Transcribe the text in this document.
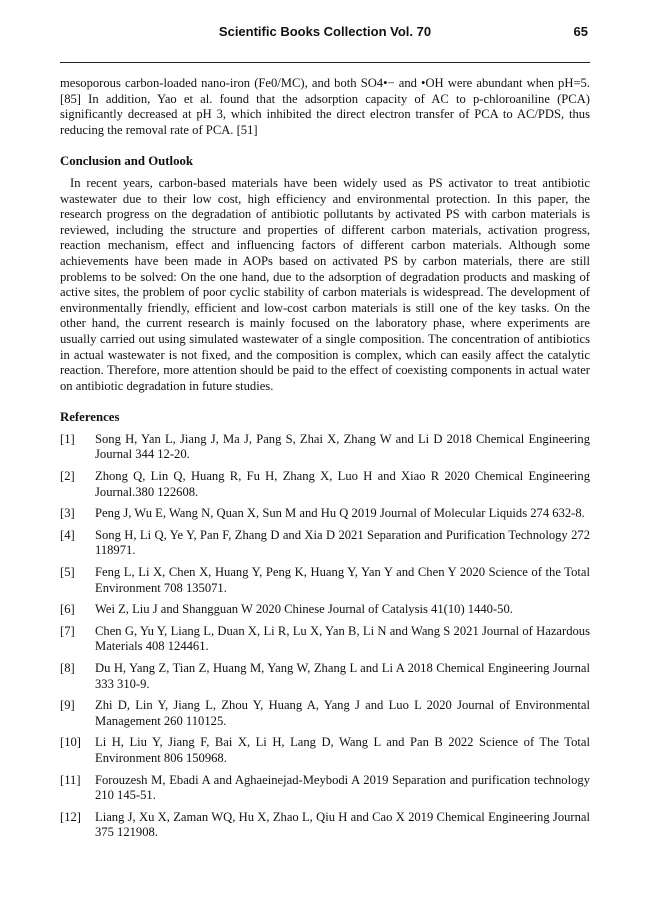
Scientific Books Collection Vol. 70	65

mesoporous carbon-loaded nano-iron (Fe0/MC), and both SO4•− and •OH were abundant when pH=5. [85] In addition, Yao et al. found that the adsorption capacity of AC to p-chloroaniline (PCA) significantly decreased at pH 3, which inhibited the direct electron transfer of PCA to AC/PDS, thus reducing the removal rate of PCA. [51]

Conclusion and Outlook

In recent years, carbon-based materials have been widely used as PS activator to treat antibiotic wastewater due to their low cost, high efficiency and environmental protection. In this paper, the research progress on the degradation of antibiotic pollutants by activated PS with carbon materials is reviewed, including the structure and properties of different carbon materials, activation progress, reaction mechanism, effect and influencing factors of different carbon materials. Although some achievements have been made in AOPs based on activated PS by carbon materials, there are still problems to be solved: On the one hand, due to the adsorption of degradation products and masking of active sites, the problem of poor cyclic stability of carbon materials is widespread. The development of environmentally friendly, efficient and low-cost carbon materials is still one of the key tasks. On the other hand, the current research is mainly focused on the laboratory phase, where experiments are usually carried out using simulated wastewater of a single composition. The concentration of antibiotics in actual wastewater is not fixed, and the composition is complex, which can easily affect the catalytic reaction. Therefore, more attention should be paid to the effect of coexisting components in actual water on antibiotic degradation in future studies.

References
[1]	Song H, Yan L, Jiang J, Ma J, Pang S, Zhai X, Zhang W and Li D 2018 Chemical Engineering Journal 344 12-20.
[2]	Zhong Q, Lin Q, Huang R, Fu H, Zhang X, Luo H and Xiao R 2020 Chemical Engineering Journal.380 122608.
[3]	Peng J, Wu E, Wang N, Quan X, Sun M and Hu Q 2019 Journal of Molecular Liquids 274 632-8.
[4]	Song H, Li Q, Ye Y, Pan F, Zhang D and Xia D 2021 Separation and Purification Technology 272 118971.
[5]	Feng L, Li X, Chen X, Huang Y, Peng K, Huang Y, Yan Y and Chen Y 2020 Science of the Total Environment 708 135071.
[6]	Wei Z, Liu J and Shangguan W 2020 Chinese Journal of Catalysis 41(10) 1440-50.
[7]	Chen G, Yu Y, Liang L, Duan X, Li R, Lu X, Yan B, Li N and Wang S 2021 Journal of Hazardous Materials 408 124461.
[8]	Du H, Yang Z, Tian Z, Huang M, Yang W, Zhang L and Li A 2018 Chemical Engineering Journal 333 310-9.
[9]	Zhi D, Lin Y, Jiang L, Zhou Y, Huang A, Yang J and Luo L 2020 Journal of Environmental Management 260 110125.
[10]	Li H, Liu Y, Jiang F, Bai X, Li H, Lang D, Wang L and Pan B 2022 Science of The Total Environment 806 150968.
[11]	Forouzesh M, Ebadi A and Aghaeinejad-Meybodi A 2019 Separation and purification technology 210 145-51.
[12]	Liang J, Xu X, Zaman WQ, Hu X, Zhao L, Qiu H and Cao X 2019 Chemical Engineering Journal 375 121908.
